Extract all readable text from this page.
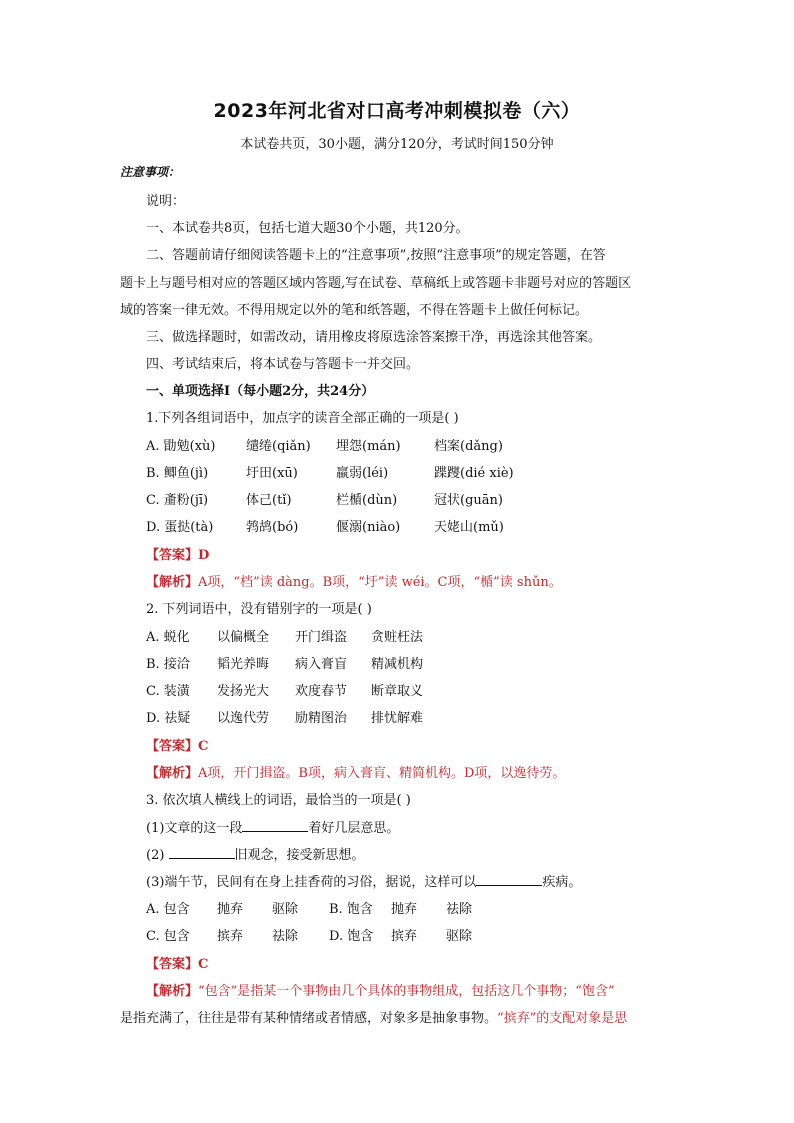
2023年河北省对口高考冲刺模拟卷（六）
本试卷共页，30小题，满分120分，考试时间150分钟
注意事项：
说明：
一、本试卷共8页，包括七道大题30个小题，共120分。
二、答题前请仔细阅读答题卡上的“注意事项”,按照“注意事项”的规定答题，在答
题卡上与题号相对应的答题区域内答题,写在试卷、草稿纸上或答题卡非题号对应的答题区
域的答案一律无效。不得用规定以外的笔和纸答题，不得在答题卡上做任何标记。
三、做选择题时，如需改动，请用橡皮将原选涂答案擦干净，再选涂其他答案。
四、考试结束后，将本试卷与答题卡一并交回。
一、单项选择Ⅰ（每小题2分，共24分）
1.下列各组词语中，加点字的读音全部正确的一项是( )
A. 勖勉(xù) 缱绻(qiǎn) 埋怨(mán)	档案(dǎng)
B. 鲫鱼(jì)	圩田(xū)	羸弱(léi)	蹀躞(dié xiè)
C. 齑粉(jī)	体己(tǐ)	栏楯(dùn)	冠状(guān)
D. 蛋挞(tà)	鹁鸪(bó)	偃溺(niào)	天姥山(mǔ)
【答案】D
【解析】A项，“档”读 dàng。B项，“圩”读 wéi。C项，“楯”读 shǔn。
2. 下列词语中，没有错别字的一项是( )
A. 蜕化 以偏概全 开门缉盗 贪赃枉法
B. 接洽 韬光养晦 病入膏盲 精减机构
C. 装潢 发扬光大 欢度春节 断章取义
D. 祛疑 以逸代劳 励精图治 排忧解难
【答案】C
【解析】A项，开门揖盗。B项，病入膏肓、精简机构。D项，以逸待劳。
3. 依次填人横线上的词语，最恰当的一项是( )
(1)文章的这一段	着好几层意思。
(2)	旧观念，接受新思想。
(3)端午节，民间有在身上挂香荷的习俗，据说，这样可以	疾病。
A. 包含 抛弃 驱除 B. 饱含 抛弃 祛除
C. 包含 摈弃 祛除 D. 饱含 摈弃 驱除
【答案】C
【解析】“包含”是指某一个事物由几个具体的事物组成，包括这几个事物；“饱含”
是指充满了，往往是带有某种情绪或者情感，对象多是抽象事物。“摈弃”的支配对象是思
